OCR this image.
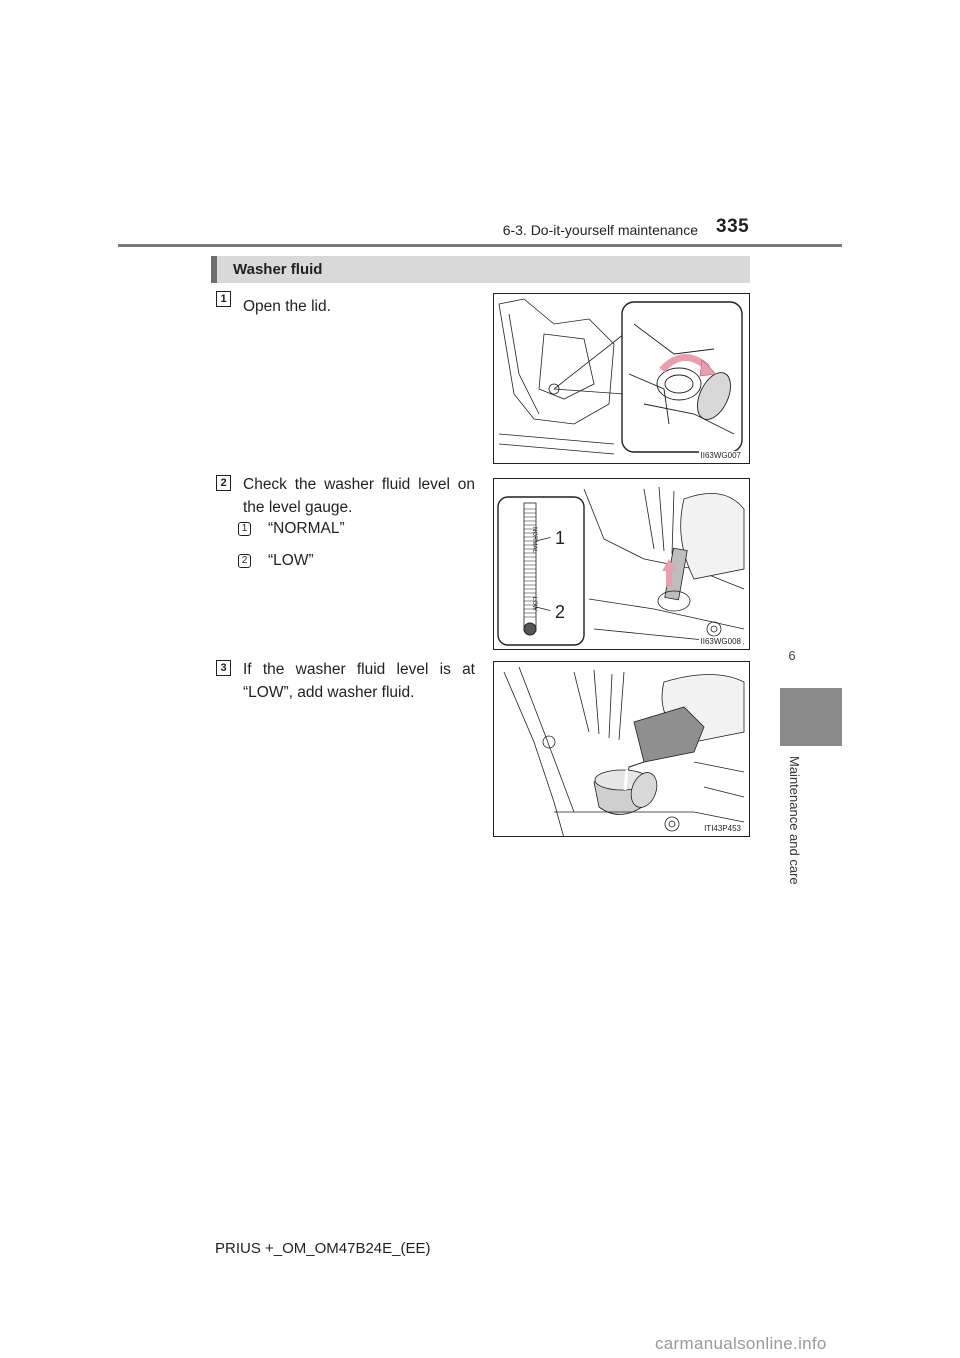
6-3. Do-it-yourself maintenance 335
6
Maintenance and care
Washer fluid
1 Open the lid.
II63WG007
2 Check the washer fluid level on the level gauge.
1 “NORMAL”
2 “LOW”
NORMAL
LOW
1
2
II63WG008
3 If the washer fluid level is at “LOW”, add washer fluid.
ITI43P453
PRIUS +_OM_OM47B24E_(EE)
carmanualsonline.info
